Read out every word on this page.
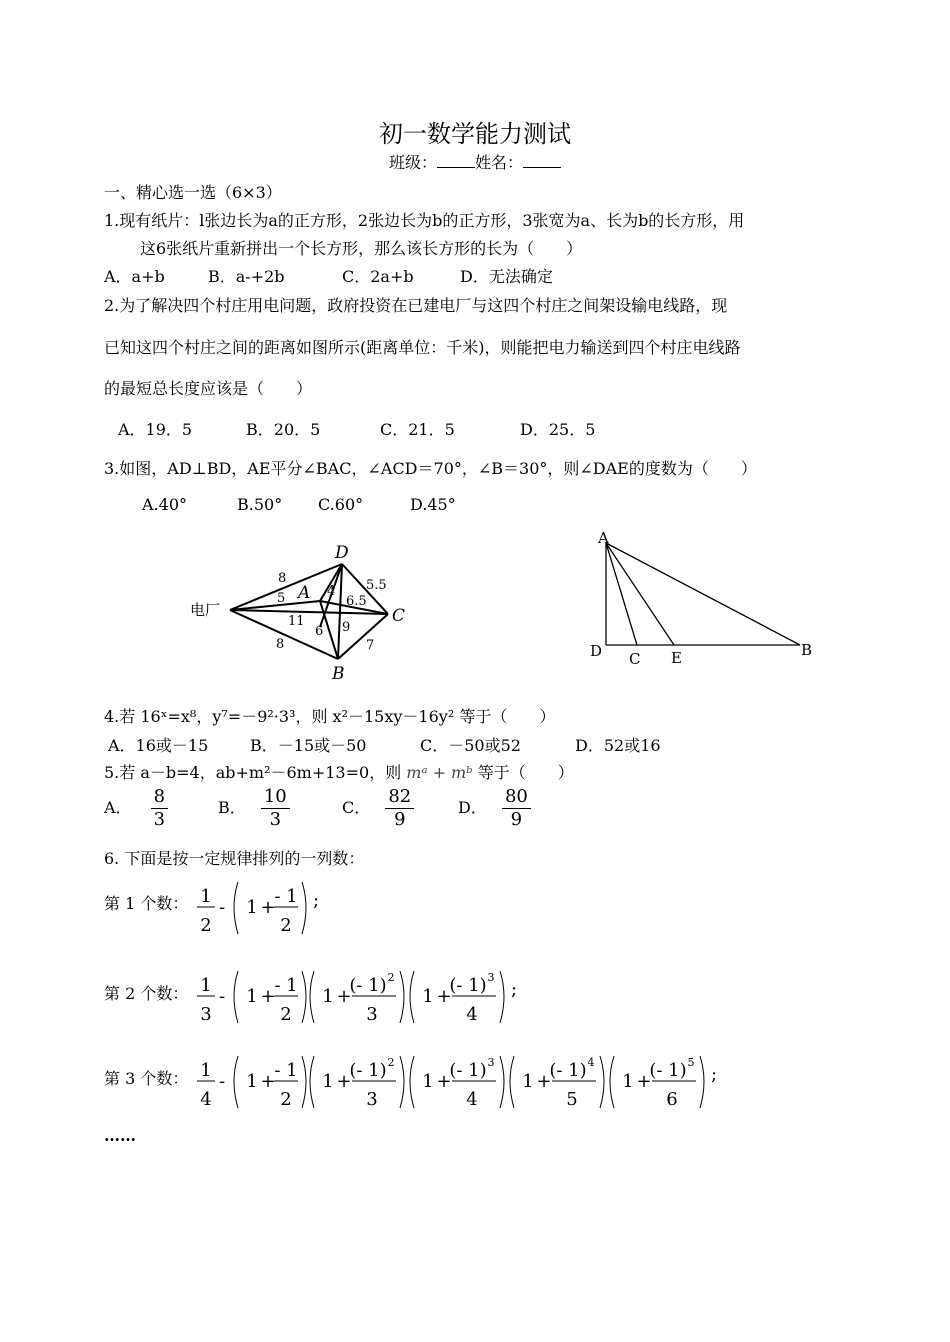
初一数学能力测试
班级： 姓名：
一、精心选一选（6×3）
1.现有纸片：l张边长为a的正方形，2张边长为b的正方形，3张宽为a、长为b的长方形，用
这6张纸片重新拼出一个长方形，那么该长方形的长为（　　）
A．a+b	B．a-+2b	C．2a+b	D．无法确定
2.为了解决四个村庄用电问题，政府投资在已建电厂与这四个村庄之间架设输电线路，现
已知这四个村庄之间的距离如图所示(距离单位：千米)，则能把电力输送到四个村庄电线路
的最短总长度应该是（　　）
A．19．5	B．20．5	C．21．5	D．25．5
3.如图，AD⊥BD，AE平分∠BAC，∠ACD＝70°，∠B＝30°，则∠DAE的度数为（　　）
A.40°	B.50° C.60°	D.45°
D
A
C
B
电厂
8
5	4 5.5
6.5
11
6 9
7
8
A
D C E	B
4.若 16ˣ=x⁸，y⁷=－9²·3³，则 x²－15xy－16y² 等于（　　）
A．16或－15	B．－15或－50	C．－50或52	D．52或16
5.若 a－b=4，ab+m²－6m+13=0，则 mᵃ + mᵇ 等于（　　）
A． $\frac{8}{3}$	B． $\frac{10}{3}$	C． $\frac{82}{9}$	D． $\frac{80}{9}$
6. 下面是按一定规律排列的一列数：
第 1 个数： 1
2
- 1 +
- 1
2
;
第 2 个数： 1
3
- 1 +
- 1
2
1 +
(- 1) 2
3
1 +
(- 1) 3
4
;
第 3 个数： 1
4
- 1 +
- 1
2
1 +
(- 1) 2
3
1 +
(- 1) 3
4
1 +
(- 1) 4
5
1 +
(- 1) 5
6
;
……
